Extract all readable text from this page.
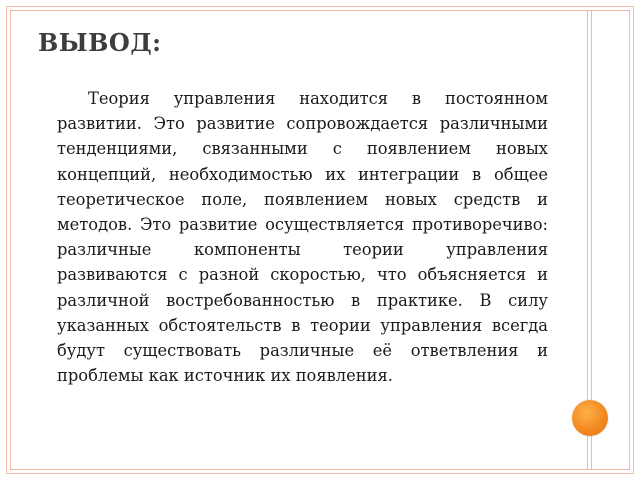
ВЫВОД:

Теория управления находится в постоянном развитии. Это развитие сопровождается различными тенденциями, связанными с появлением новых концепций, необходимостью их интеграции в общее теоретическое поле, появлением новых средств и методов. Это развитие осуществляется противоречиво: различные компоненты теории управления развиваются с разной скоростью, что объясняется и различной востребованностью в практике. В силу указанных обстоятельств в теории управления всегда будут существовать различные её ответвления и проблемы как источник их появления.
